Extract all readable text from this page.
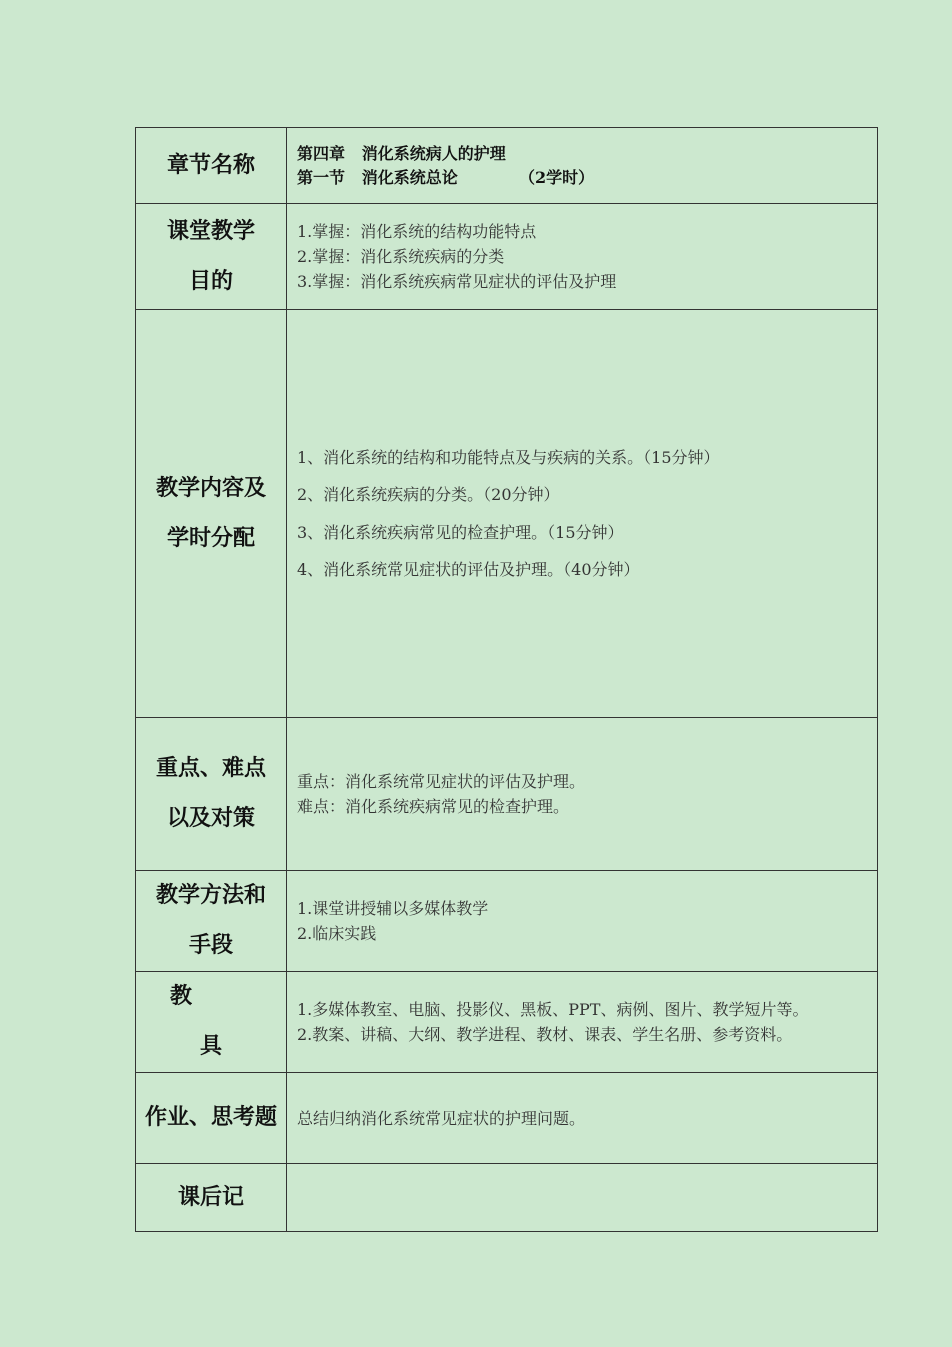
章节名称	第四章   消化系统病人的护理
第一节   消化系统总论           （2学时）

课堂教学目的	1.掌握：消化系统的结构功能特点
2.掌握：消化系统疾病的分类
3.掌握：消化系统疾病常见症状的评估及护理

教学内容及学时分配	1、消化系统的结构和功能特点及与疾病的关系。（15分钟）
2、消化系统疾病的分类。（20分钟）
3、消化系统疾病常见的检查护理。（15分钟）
4、消化系统常见症状的评估及护理。（40分钟）

重点、难点以及对策	重点：消化系统常见症状的评估及护理。
难点：消化系统疾病常见的检查护理。

教学方法和手段	1.课堂讲授辅以多媒体教学
2.临床实践

教 具	1.多媒体教室、电脑、投影仪、黑板、PPT、病例、图片、教学短片等。
2.教案、讲稿、大纲、教学进程、教材、课表、学生名册、参考资料。

作业、思考题	总结归纳消化系统常见症状的护理问题。

课后记	
